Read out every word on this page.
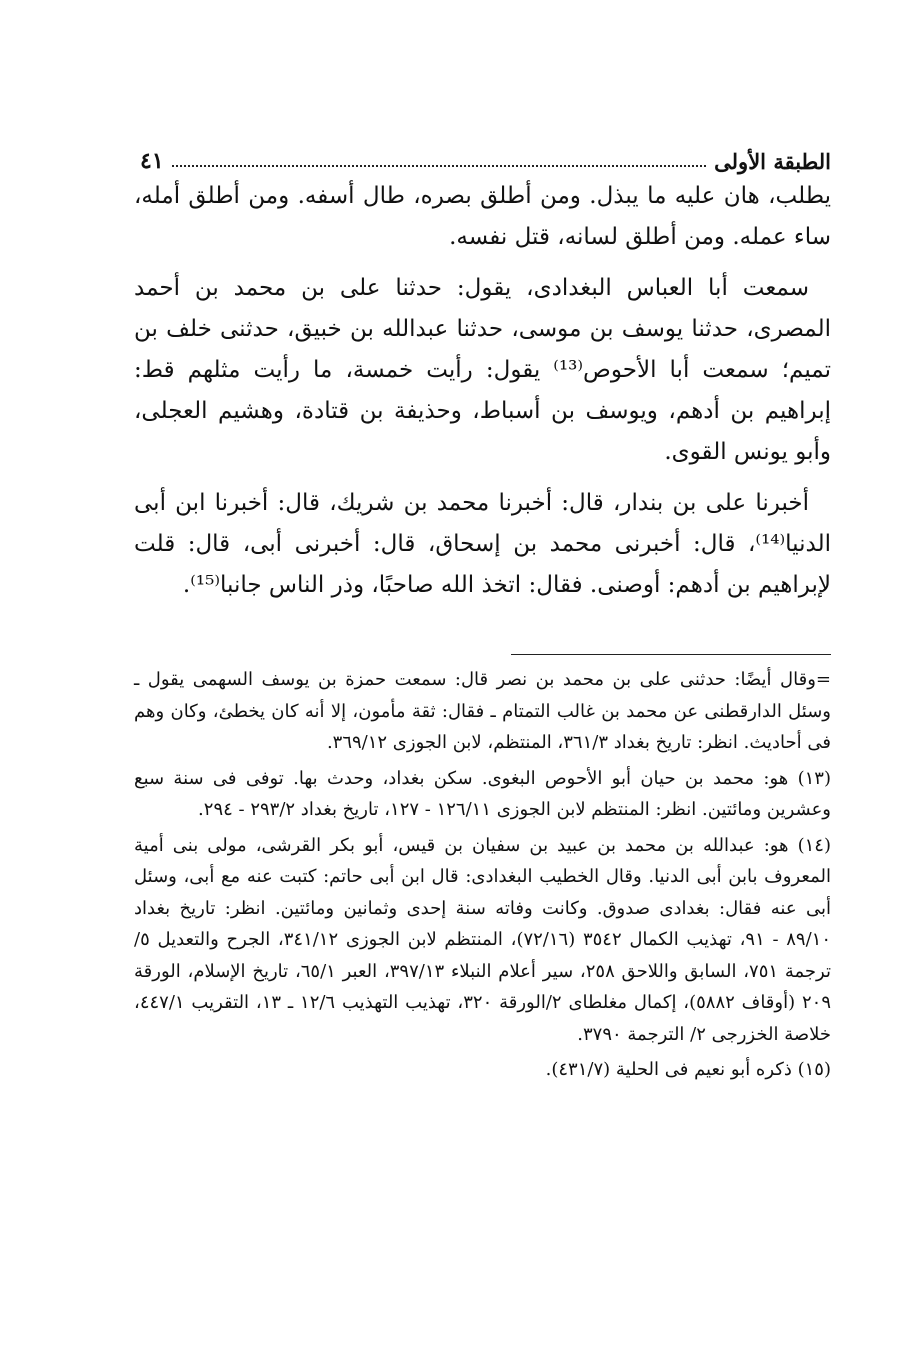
الطبقة الأولى
٤١

يطلب، هان عليه ما يبذل. ومن أطلق بصره، طال أسفه. ومن أطلق أمله، ساء عمله. ومن أطلق لسانه، قتل نفسه.

سمعت أبا العباس البغدادى، يقول: حدثنا على بن محمد بن أحمد المصرى، حدثنا يوسف بن موسى، حدثنا عبدالله بن خبيق، حدثنى خلف بن تميم؛ سمعت أبا الأحوص⁽¹³⁾ يقول: رأيت خمسة، ما رأيت مثلهم قط: إبراهيم بن أدهم، ويوسف بن أسباط، وحذيفة بن قتادة، وهشيم العجلى، وأبو يونس القوى.

أخبرنا على بن بندار، قال: أخبرنا محمد بن شريك، قال: أخبرنا ابن أبى الدنيا⁽¹⁴⁾، قال: أخبرنى محمد بن إسحاق، قال: أخبرنى أبى، قال: قلت لإبراهيم بن أدهم: أوصنى. فقال: اتخذ الله صاحبًا، وذر الناس جانبا⁽¹⁵⁾.

=وقال أيضًا: حدثنى على بن محمد بن نصر قال: سمعت حمزة بن يوسف السهمى يقول ـ وسئل الدارقطنى عن محمد بن غالب التمتام ـ فقال: ثقة مأمون، إلا أنه كان يخطئ، وكان وهم فى أحاديث. انظر: تاريخ بغداد ٣٦١/٣، المنتظم، لابن الجوزى ٣٦٩/١٢.

(١٣) هو: محمد بن حيان أبو الأحوص البغوى. سكن بغداد، وحدث بها. توفى فى سنة سبع وعشرين ومائتين. انظر: المنتظم لابن الجوزى ١٢٦/١١ - ١٢٧، تاريخ بغداد ٢٩٣/٢ - ٢٩٤.

(١٤) هو: عبدالله بن محمد بن عبيد بن سفيان بن قيس، أبو بكر القرشى، مولى بنى أمية المعروف بابن أبى الدنيا. وقال الخطيب البغدادى: قال ابن أبى حاتم: كتبت عنه مع أبى، وسئل أبى عنه فقال: بغدادى صدوق. وكانت وفاته سنة إحدى وثمانين ومائتين. انظر: تاريخ بغداد ٨٩/١٠ - ٩١، تهذيب الكمال ٣٥٤٢ (٧٢/١٦)، المنتظم لابن الجوزى ٣٤١/١٢، الجرح والتعديل ٥/ترجمة ٧٥١، السابق واللاحق ٢٥٨، سير أعلام النبلاء ٣٩٧/١٣، العبر ٦٥/١، تاريخ الإسلام، الورقة ٢٠٩ (أوقاف ٥٨٨٢)، إكمال مغلطاى ٢/الورقة ٣٢٠، تهذيب التهذيب ١٢/٦ ـ ١٣، التقريب ٤٤٧/١، خلاصة الخزرجى ٢/ الترجمة ٣٧٩٠.

(١٥) ذكره أبو نعيم فى الحلية (٤٣١/٧).
